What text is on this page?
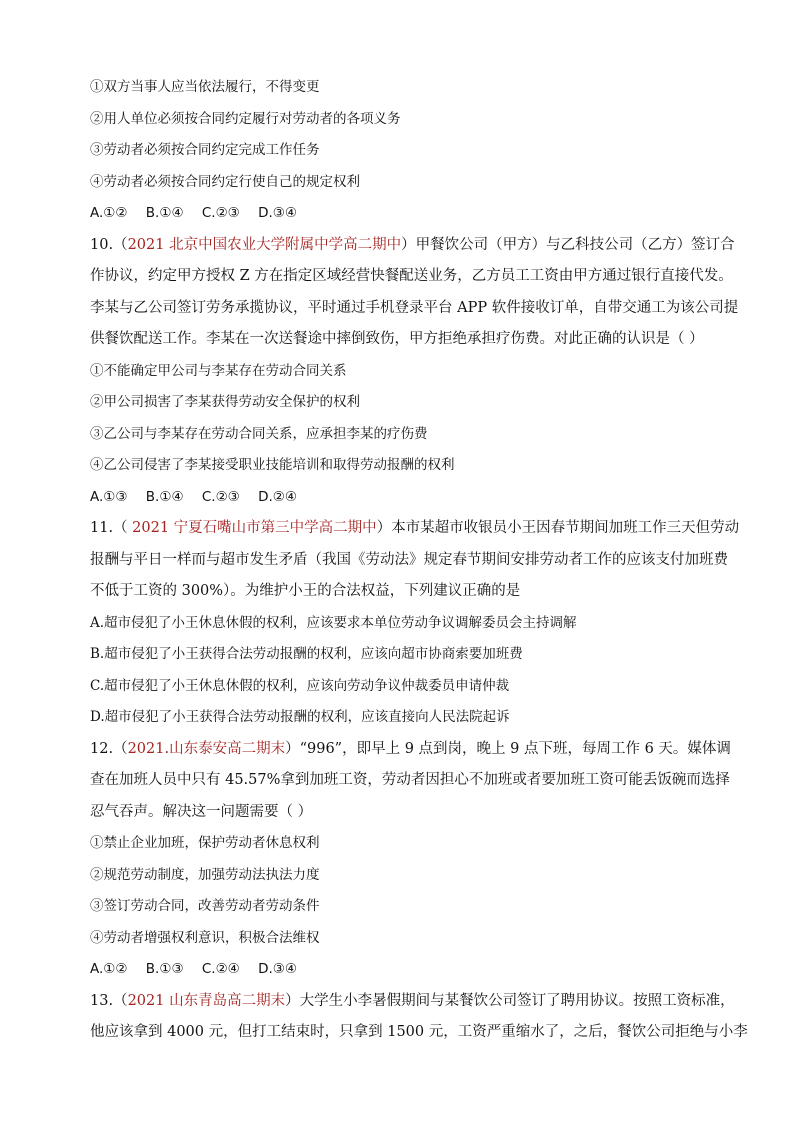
①双方当事人应当依法履行，不得变更
②用人单位必须按合同约定履行对劳动者的各项义务
③劳动者必须按合同约定完成工作任务
④劳动者必须按合同约定行使自己的规定权利
A.①② B.①④ C.②③ D.③④
10.（2021 北京中国农业大学附属中学高二期中）甲餐饮公司（甲方）与乙科技公司（乙方）签订合
作协议，约定甲方授权 Z 方在指定区域经营快餐配送业务，乙方员工工资由甲方通过银行直接代发。
李某与乙公司签订劳务承揽协议，平时通过手机登录平台 APP 软件接收订单，自带交通工为该公司提
供餐饮配送工作。李某在一次送餐途中摔倒致伤，甲方拒绝承担疗伤费。对此正确的认识是（ ）
①不能确定甲公司与李某存在劳动合同关系
②甲公司损害了李某获得劳动安全保护的权利
③乙公司与李某存在劳动合同关系，应承担李某的疗伤费
④乙公司侵害了李某接受职业技能培训和取得劳动报酬的权利
A.①③ B.①④ C.②③ D.②④
11.（ 2021 宁夏石嘴山市第三中学高二期中）本市某超市收银员小王因春节期间加班工作三天但劳动
报酬与平日一样而与超市发生矛盾（我国《劳动法》规定春节期间安排劳动者工作的应该支付加班费
不低于工资的 300%）。为维护小王的合法权益，下列建议正确的是
A.超市侵犯了小王休息休假的权利，应该要求本单位劳动争议调解委员会主持调解
B.超市侵犯了小王获得合法劳动报酬的权利，应该向超市协商索要加班费
C.超市侵犯了小王休息休假的权利，应该向劳动争议仲裁委员申请仲裁
D.超市侵犯了小王获得合法劳动报酬的权利，应该直接向人民法院起诉
12.（2021.山东泰安高二期末）“996”，即早上 9 点到岗，晚上 9 点下班，每周工作 6 天。媒体调
查在加班人员中只有 45.57%拿到加班工资，劳动者因担心不加班或者要加班工资可能丢饭碗而选择
忍气吞声。解决这一问题需要（ ）
①禁止企业加班，保护劳动者休息权利
②规范劳动制度，加强劳动法执法力度
③签订劳动合同，改善劳动者劳动条件
④劳动者增强权利意识，积极合法维权
A.①② B.①③ C.②④ D.③④
13.（2021 山东青岛高二期末）大学生小李暑假期间与某餐饮公司签订了聘用协议。按照工资标准，
他应该拿到 4000 元，但打工结束时，只拿到 1500 元，工资严重缩水了，之后，餐饮公司拒绝与小李
